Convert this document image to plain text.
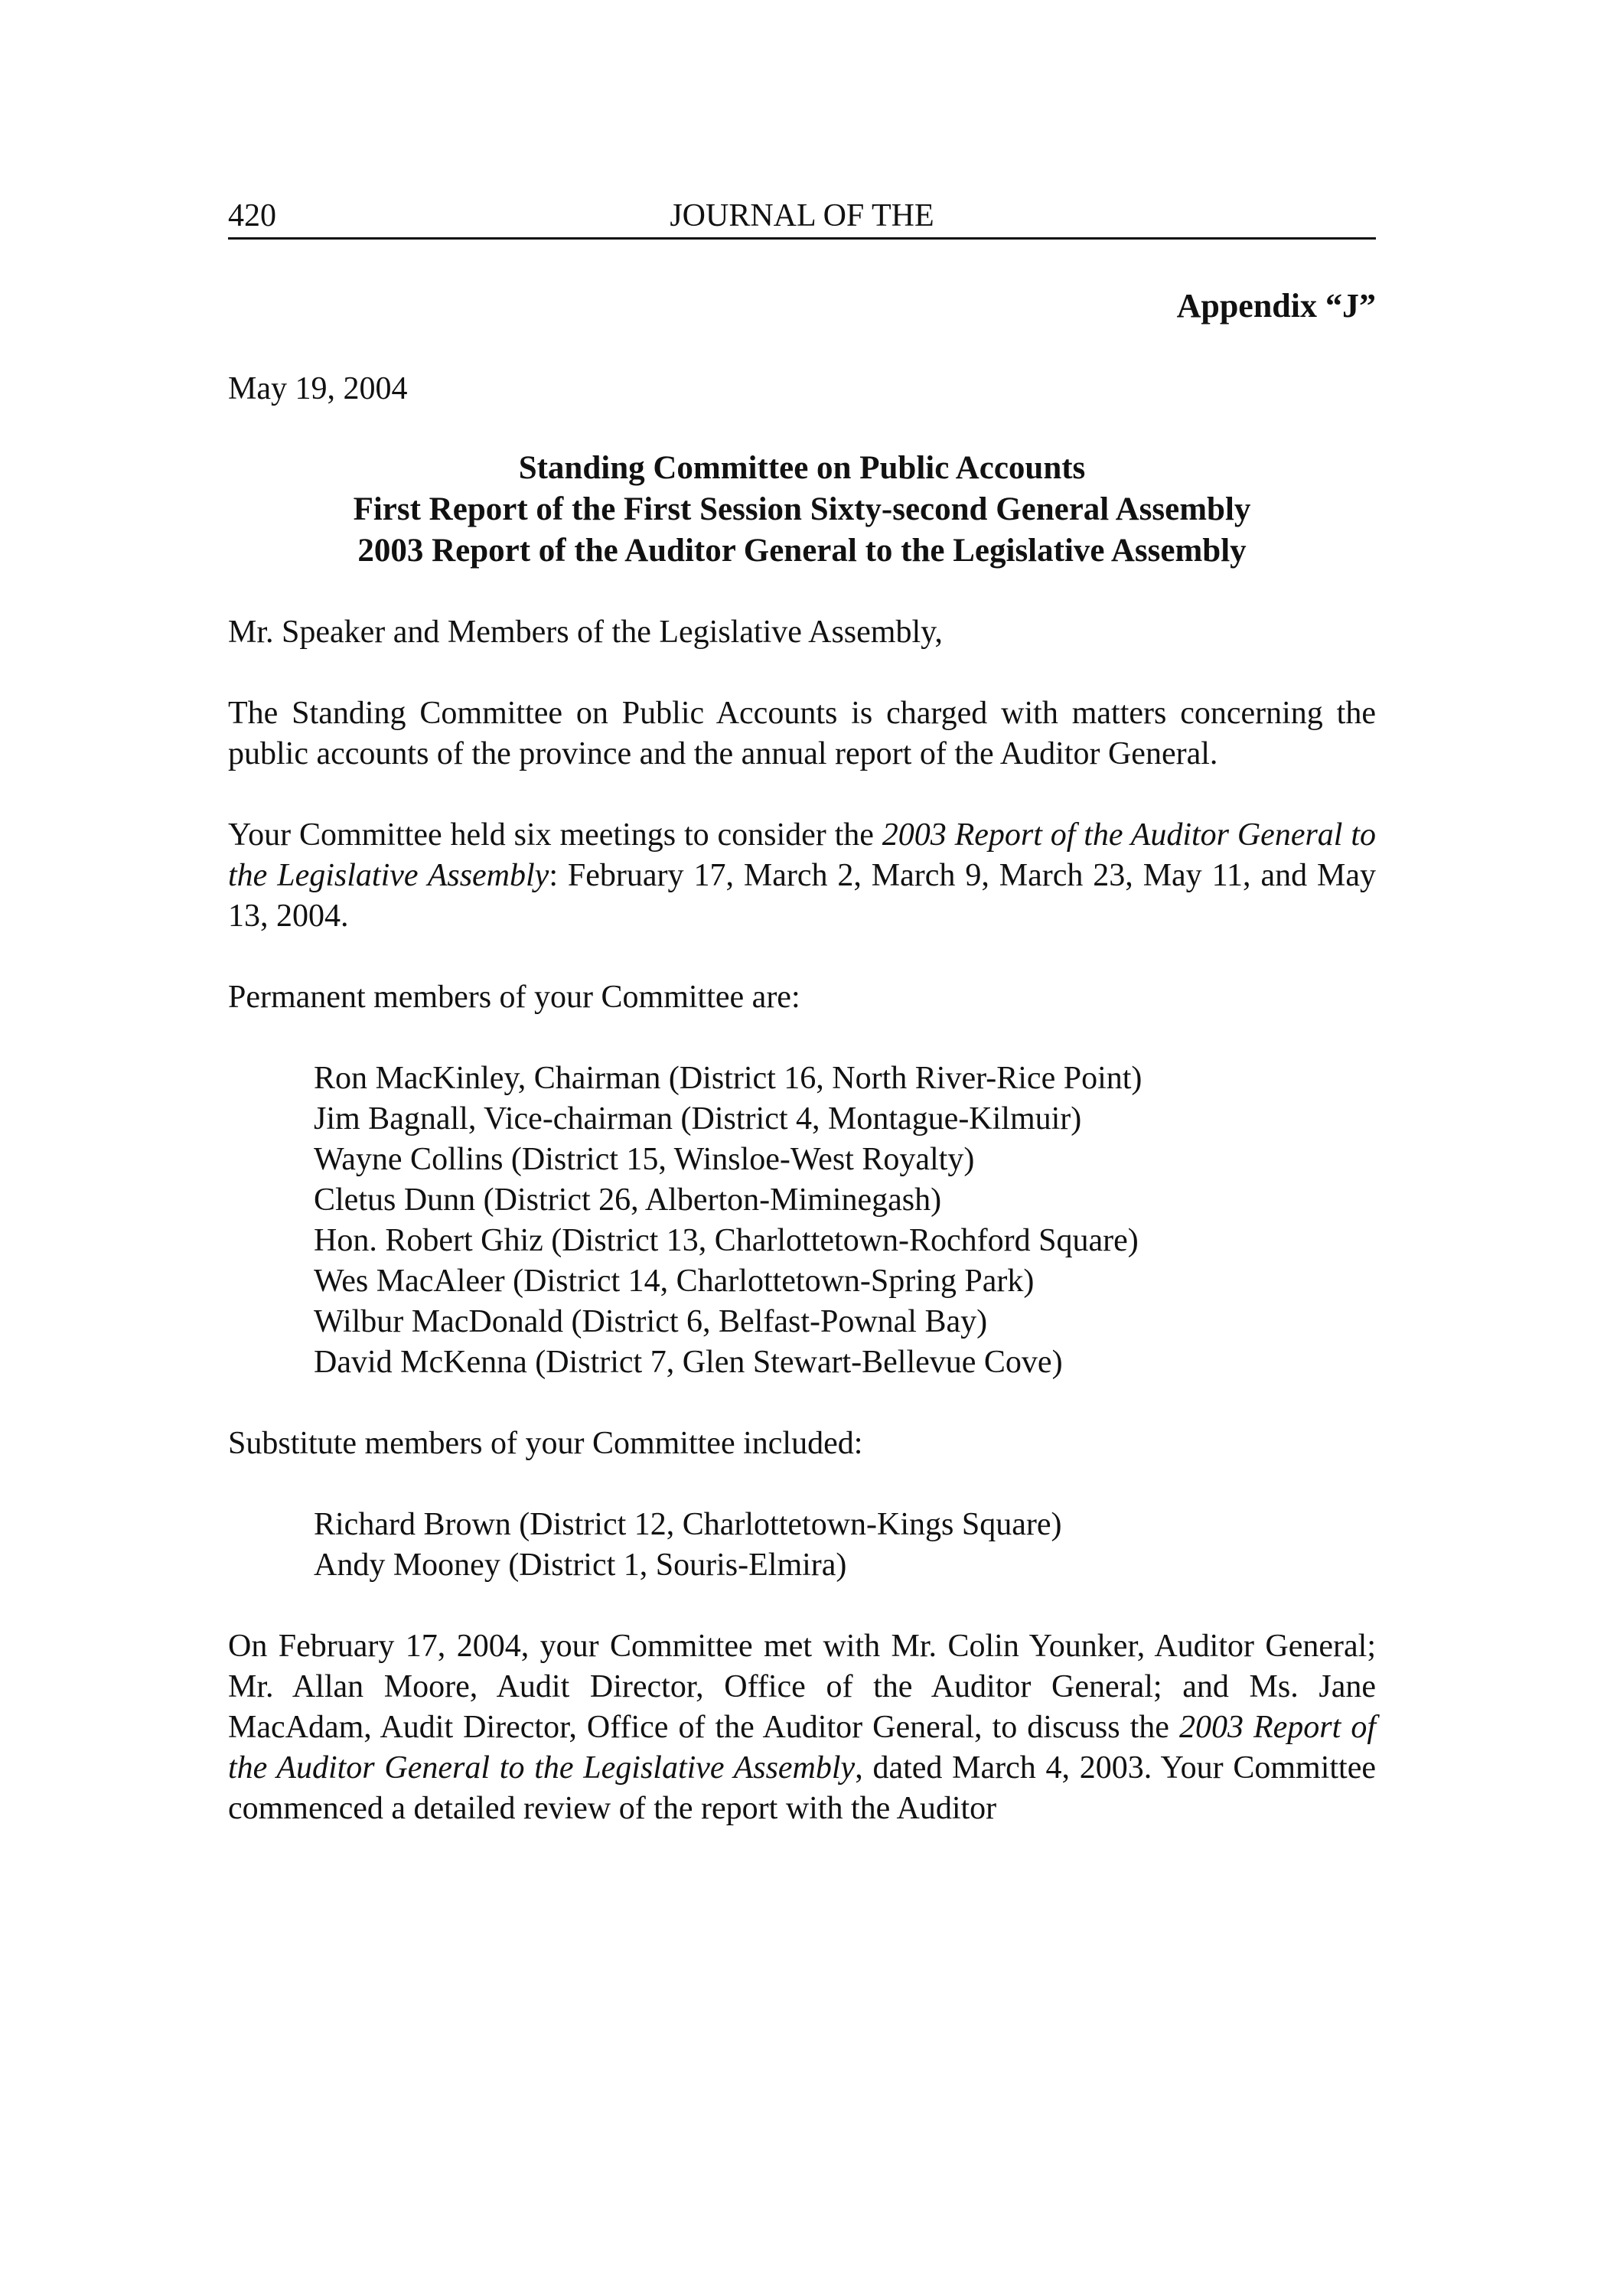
420	JOURNAL OF THE
Appendix “J”
May 19, 2004
Standing Committee on Public Accounts
First Report of the First Session Sixty-second General Assembly
2003 Report of the Auditor General to the Legislative Assembly

Mr. Speaker and Members of the Legislative Assembly,

The Standing Committee on Public Accounts is charged with matters concerning the public accounts of the province and the annual report of the Auditor General.

Your Committee held six meetings to consider the 2003 Report of the Auditor General to the Legislative Assembly: February 17, March 2, March 9, March 23, May 11, and May 13, 2004.

Permanent members of your Committee are:

Ron MacKinley, Chairman (District 16, North River-Rice Point)
Jim Bagnall, Vice-chairman (District 4, Montague-Kilmuir)
Wayne Collins (District 15, Winsloe-West Royalty)
Cletus Dunn (District 26, Alberton-Miminegash)
Hon. Robert Ghiz (District 13, Charlottetown-Rochford Square)
Wes MacAleer (District 14, Charlottetown-Spring Park)
Wilbur MacDonald (District 6, Belfast-Pownal Bay)
David McKenna (District 7, Glen Stewart-Bellevue Cove)

Substitute members of your Committee included:

Richard Brown (District 12, Charlottetown-Kings Square)
Andy Mooney (District 1, Souris-Elmira)

On February 17, 2004, your Committee met with Mr. Colin Younker, Auditor General; Mr. Allan Moore, Audit Director, Office of the Auditor General; and Ms. Jane MacAdam, Audit Director, Office of the Auditor General, to discuss the 2003 Report of the Auditor General to the Legislative Assembly, dated March 4, 2003. Your Committee commenced a detailed review of the report with the Auditor
